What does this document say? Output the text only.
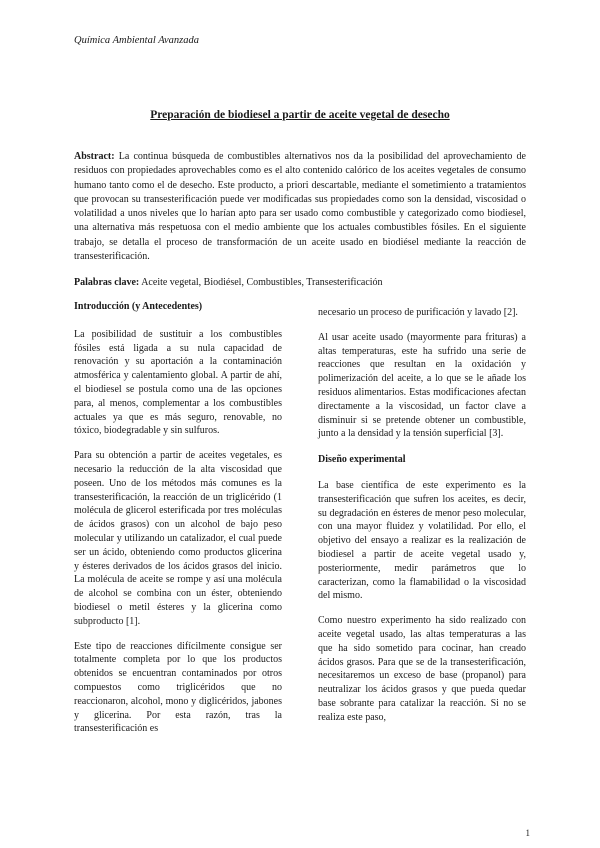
Química Ambiental Avanzada
Preparación de biodiesel a partir de aceite vegetal de desecho

Abstract: La continua búsqueda de combustibles alternativos nos da la posibilidad del aprovechamiento de residuos con propiedades aprovechables como es el alto contenido calórico de los aceites vegetales de consumo humano tanto como el de desecho. Este producto, a priori descartable, mediante el sometimiento a tratamientos que provocan su transesterificación puede ver modificadas sus propiedades como son la densidad, viscosidad o volatilidad a unos niveles que lo harían apto para ser usado como combustible y categorizado como biodiesel, una alternativa más respetuosa con el medio ambiente que los actuales combustibles fósiles. En el siguiente trabajo, se detalla el proceso de transformación de un aceite usado en biodiésel mediante la reacción de transesterificación.

Palabras clave: Aceite vegetal, Biodiésel, Combustibles, Transesterificación

Introducción (y Antecedentes)

La posibilidad de sustituir a los combustibles fósiles está ligada a su nula capacidad de renovación y su aportación a la contaminación atmosférica y calentamiento global. A partir de ahí, el biodiesel se postula como una de las opciones para, al menos, complementar a los combustibles actuales ya que es más seguro, renovable, no tóxico, biodegradable y sin sulfuros.

Para su obtención a partir de aceites vegetales, es necesario la reducción de la alta viscosidad que poseen. Uno de los métodos más comunes es la transesterificación, la reacción de un triglicérido (1 molécula de glicerol esterificada por tres moléculas de ácidos grasos) con un alcohol de bajo peso molecular y utilizando un catalizador, el cual puede ser un ácido, obteniendo como productos glicerina y ésteres derivados de los ácidos grasos del inicio. La molécula de aceite se rompe y así una molécula de alcohol se combina con un éster, obteniendo biodiesel o metil ésteres y la glicerina como subproducto [1].

Este tipo de reacciones difícilmente consigue ser totalmente completa por lo que los productos obtenidos se encuentran contaminados por otros compuestos como triglicéridos que no reaccionaron, alcohol, mono y diglicéridos, jabones y glicerina. Por esta razón, tras la transesterificación es

necesario un proceso de purificación y lavado [2].

Al usar aceite usado (mayormente para frituras) a altas temperaturas, este ha sufrido una serie de reacciones que resultan en la oxidación y polimerización del aceite, a lo que se le añade los residuos alimentarios. Estas modificaciones afectan directamente a la viscosidad, un factor clave a disminuir si se pretende obtener un combustible, junto a la densidad y la tensión superficial [3].

Diseño experimental

La base científica de este experimento es la transesterificación que sufren los aceites, es decir, su degradación en ésteres de menor peso molecular, con una mayor fluidez y volatilidad. Por ello, el objetivo del ensayo a realizar es la realización de biodiesel a partir de aceite vegetal usado y, posteriormente, medir parámetros que lo caracterizan, como la flamabilidad o la viscosidad del mismo.

Como nuestro experimento ha sido realizado con aceite vegetal usado, las altas temperaturas a las que ha sido sometido para cocinar, han creado ácidos grasos. Para que se de la transesterificación, necesitaremos un exceso de base (propanol) para neutralizar los ácidos grasos y que pueda quedar base sobrante para catalizar la reacción. Si no se realiza este paso,

1
